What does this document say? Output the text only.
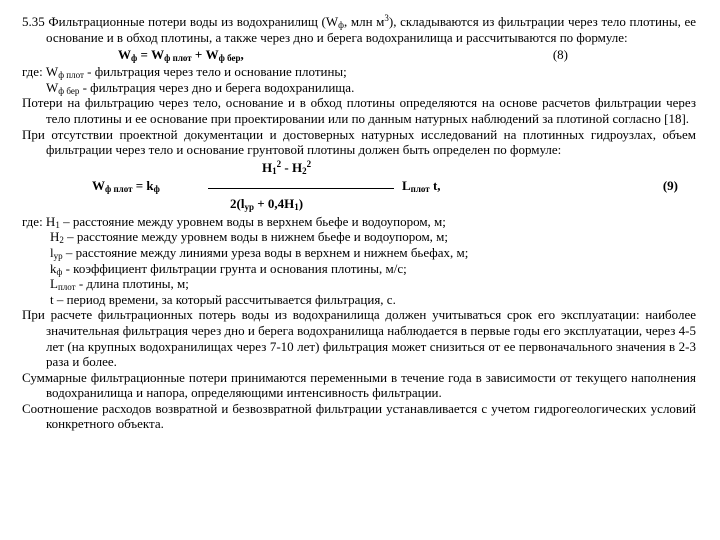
5.35 Фильтрационные потери воды из водохранилищ ($W_ф$, млн $м^3$), складываются из фильтрации через тело плотины, ее основание и в обход плотины, а также через дно и берега водохранилища и рассчитываются по формуле:

$W_ф = W_{ф плот} + W_{ф бер}$,	(8)

где: $W_{ф плот}$ - фильтрация через тело и основание плотины;

$W_{ф бер}$ - фильтрация через дно и берега водохранилища.

Потери на фильтрацию через тело, основание и в обход плотины определяются на основе расчетов фильтрации через тело плотины и ее основание при проектировании или по данным натурных наблюдений за плотиной согласно [18].

При отсутствии проектной документации и достоверных натурных исследований на плотинных гидроузлах, объем фильтрации через тело и основание грунтовой плотины должен быть определен по формуле:

$H_1^2 - H_2^2$
$W_{ф плот} = k_ф$	$L_{плот}$ t,	(9)
$2(l_{ур} + 0,4H_1)$

где: $H_1$ – расстояние между уровнем воды в верхнем бьефе и водоупором, м;

$H_2$ – расстояние между уровнем воды в нижнем бьефе и водоупором, м;

$l_{ур}$ – расстояние между линиями уреза воды в верхнем и нижнем бьефах, м;

$k_ф$ - коэффициент фильтрации грунта и основания плотины, м/с;

$L_{плот}$ - длина плотины, м;

t – период времени, за который рассчитывается фильтрация, с.

При расчете фильтрационных потерь воды из водохранилища должен учитываться срок его эксплуатации: наиболее значительная фильтрация через дно и берега водохранилища наблюдается в первые годы его эксплуатации, через 4-5 лет (на крупных водохранилищах через 7-10 лет) фильтрация может снизиться от ее первоначального значения в 2-3 раза и более.

Суммарные фильтрационные потери принимаются переменными в течение года в зависимости от текущего наполнения водохранилища и напора, определяющими интенсивность фильтрации.

Соотношение расходов возвратной и безвозвратной фильтрации устанавливается с учетом гидрогеологических условий конкретного объекта.
